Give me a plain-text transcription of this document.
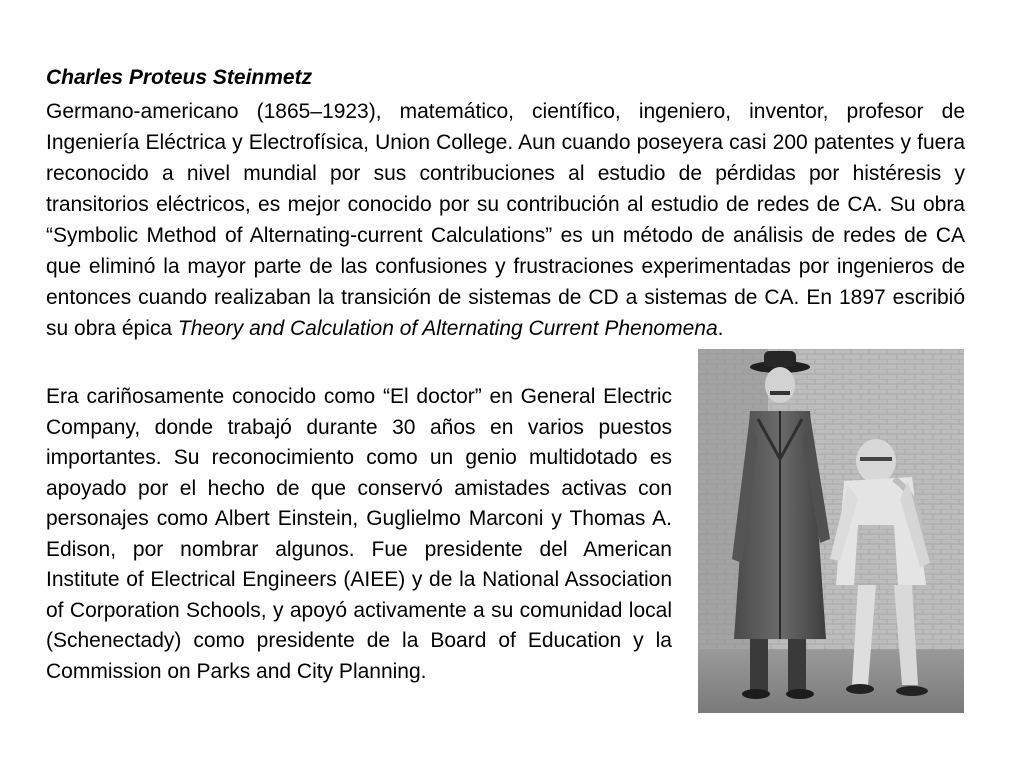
Charles Proteus Steinmetz

Germano-americano (1865–1923), matemático, científico, ingeniero, inventor, profesor de Ingeniería Eléctrica y Electrofísica, Union College. Aun cuando poseyera casi 200 patentes y fuera reconocido a nivel mundial por sus contribuciones al estudio de pérdidas por histéresis y transitorios eléctricos, es mejor conocido por su contribución al estudio de redes de CA. Su obra “Symbolic Method of Alternating-current Calculations” es un método de análisis de redes de CA que eliminó la mayor parte de las confusiones y frustraciones experimentadas por ingenieros de entonces cuando realizaban la transición de sistemas de CD a sistemas de CA. En 1897 escribió su obra épica Theory and Calculation of Alternating Current Phenomena.

Era cariñosamente conocido como “El doctor” en General Electric Company, donde trabajó durante 30 años en varios puestos importantes. Su reconocimiento como un genio multidotado es apoyado por el hecho de que conservó amistades activas con personajes como Albert Einstein, Guglielmo Marconi y Thomas A. Edison, por nombrar algunos. Fue presidente del American Institute of Electrical Engineers (AIEE) y de la National Association of Corporation Schools, y apoyó activamente a su comunidad local (Schenectady) como presidente de la Board of Education y la Commission on Parks and City Planning.
